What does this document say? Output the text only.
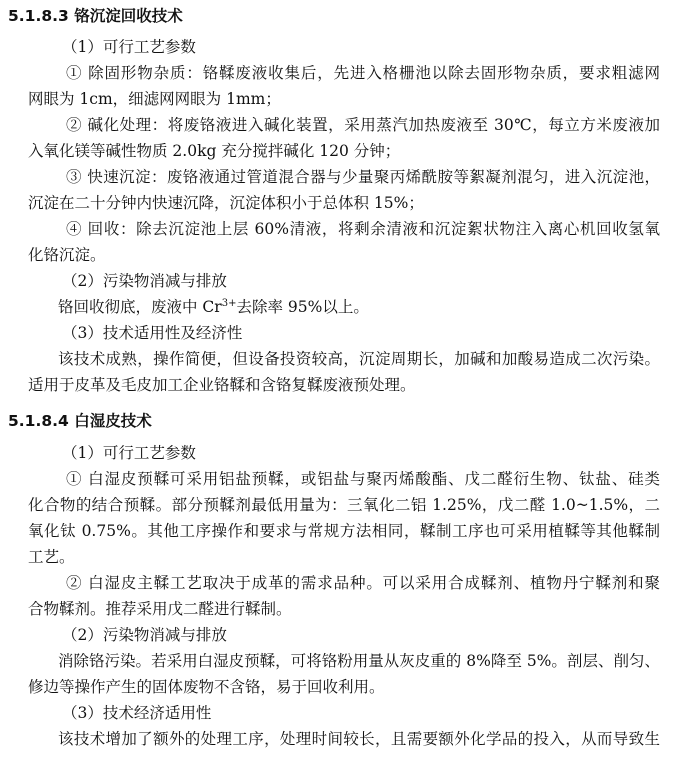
5.1.8.3 铬沉淀回收技术
（1）可行工艺参数
① 除固形物杂质：铬鞣废液收集后，先进入格栅池以除去固形物杂质，要求粗滤网
网眼为 1cm，细滤网网眼为 1mm；
② 碱化处理：将废铬液进入碱化装置，采用蒸汽加热废液至 30℃，每立方米废液加
入氧化镁等碱性物质 2.0kg 充分搅拌碱化 120 分钟；
③ 快速沉淀：废铬液通过管道混合器与少量聚丙烯酰胺等絮凝剂混匀，进入沉淀池，
沉淀在二十分钟内快速沉降，沉淀体积小于总体积 15%；
④ 回收：除去沉淀池上层 60%清液，将剩余清液和沉淀絮状物注入离心机回收氢氧
化铬沉淀。
（2）污染物消减与排放
铬回收彻底，废液中 $Cr^{3+}$去除率 95%以上。
（3）技术适用性及经济性
该技术成熟，操作简便，但设备投资较高，沉淀周期长，加碱和加酸易造成二次污染。
适用于皮革及毛皮加工企业铬鞣和含铬复鞣废液预处理。
5.1.8.4 白湿皮技术
（1）可行工艺参数
① 白湿皮预鞣可采用铝盐预鞣，或铝盐与聚丙烯酸酯、戊二醛衍生物、钛盐、硅类
化合物的结合预鞣。部分预鞣剂最低用量为：三氧化二铝 1.25%，戊二醛 1.0~1.5%，二
氧化钛 0.75%。其他工序操作和要求与常规方法相同，鞣制工序也可采用植鞣等其他鞣制
工艺。
② 白湿皮主鞣工艺取决于成革的需求品种。可以采用合成鞣剂、植物丹宁鞣剂和聚
合物鞣剂。推荐采用戊二醛进行鞣制。
（2）污染物消减与排放
消除铬污染。若采用白湿皮预鞣，可将铬粉用量从灰皮重的 8%降至 5%。剖层、削匀、
修边等操作产生的固体废物不含铬，易于回收利用。
（3）技术经济适用性
该技术增加了额外的处理工序，处理时间较长，且需要额外化学品的投入，从而导致生
